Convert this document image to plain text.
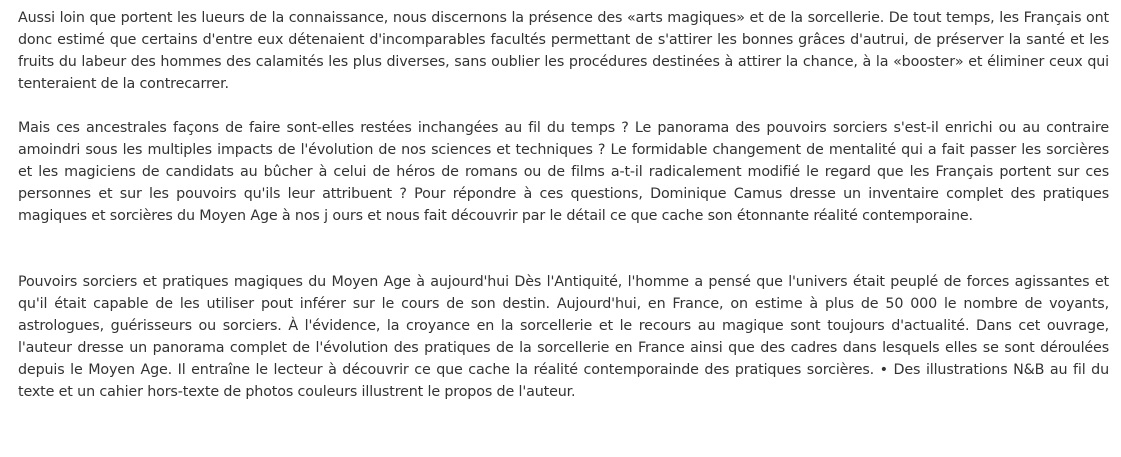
Aussi loin que portent les lueurs de la connaissance, nous discernons la présence des «arts magiques» et de la sorcellerie. De tout temps, les Français ont donc estimé que certains d'entre eux détenaient d'incomparables facultés permettant de s'attirer les bonnes grâces d'autrui, de préserver la santé et les fruits du labeur des hommes des calamités les plus diverses, sans oublier les procédures destinées à attirer la chance, à la «booster» et éliminer ceux qui tenteraient de la contrecarrer.

Mais ces ancestrales façons de faire sont-elles restées inchangées au fil du temps ? Le panorama des pouvoirs sorciers s'est-il enrichi ou au contraire amoindri sous les multiples impacts de l'évolution de nos sciences et techniques ? Le formidable changement de mentalité qui a fait passer les sorcières et les magiciens de candidats au bûcher à celui de héros de romans ou de films a-t-il radicalement modifié le regard que les Français portent sur ces personnes et sur les pouvoirs qu'ils leur attribuent ? Pour répondre à ces questions, Dominique Camus dresse un inventaire complet des pratiques magiques et sorcières du Moyen Age à nos j ours et nous fait découvrir par le détail ce que cache son étonnante réalité contemporaine.

Pouvoirs sorciers et pratiques magiques du Moyen Age à aujourd'hui Dès l'Antiquité, l'homme a pensé que l'univers était peuplé de forces agissantes et qu'il était capable de les utiliser pout inférer sur le cours de son destin. Aujourd'hui, en France, on estime à plus de 50 000 le nombre de voyants, astrologues, guérisseurs ou sorciers. À l'évidence, la croyance en la sorcellerie et le recours au magique sont toujours d'actualité. Dans cet ouvrage, l'auteur dresse un panorama complet de l'évolution des pratiques de la sorcellerie en France ainsi que des cadres dans lesquels elles se sont déroulées depuis le Moyen Age. Il entraîne le lecteur à découvrir ce que cache la réalité contemporainde des pratiques sorcières. • Des illustrations N&B au fil du texte et un cahier hors-texte de photos couleurs illustrent le propos de l'auteur.
